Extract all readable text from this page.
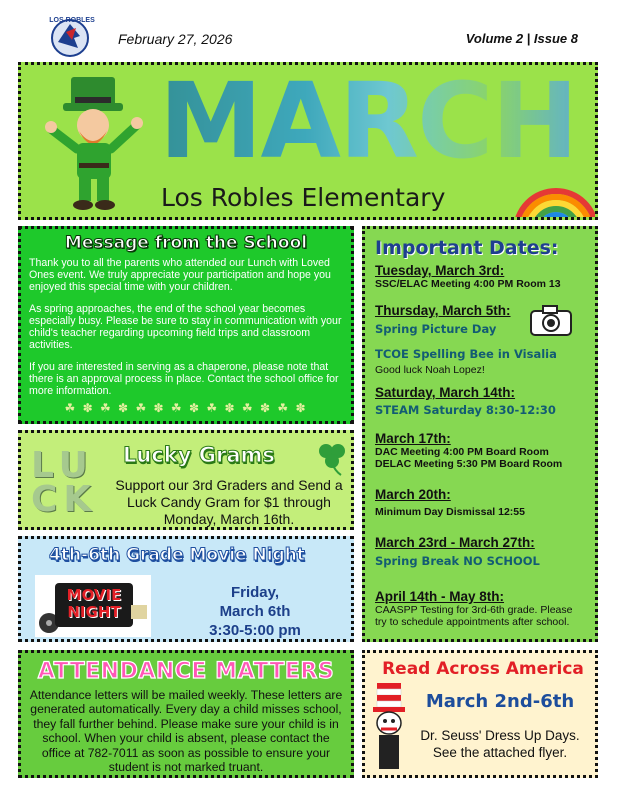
LOS ROBLES
February 27, 2026	Volume 2 | Issue 8
MARCH
Los Robles Elementary
Message from the School

Thank you to all the parents who attended our Lunch with Loved Ones event. We truly appreciate your participation and hope you enjoyed this special time with your children.

As spring approaches, the end of the school year becomes especially busy. Please be sure to stay in communication with your child's teacher regarding upcoming field trips and classroom activities.

If you are interested in serving as a chaperone, please note that there is an approval process in place. Contact the school office for more information.

☘ ✽ ☘ ✽ ☘ ✽ ☘ ✽ ☘ ✽ ☘ ✽ ☘ ✽
LU CK
Lucky Grams
Support our 3rd Graders and Send a Luck Candy Gram for $1 through Monday, March 16th.
4th-6th Grade Movie Night
MOVIE
NIGHT
Friday,
March 6th
3:30-5:00 pm
ATTENDANCE MATTERS

Attendance letters will be mailed weekly. These letters are generated automatically. Every day a child misses school, they fall further behind. Please make sure your child is in school. When your child is absent, please contact the office at 782-7011 as soon as possible to ensure your student is not marked truant.

Important Dates:
Tuesday, March 3rd:
SSC/ELAC Meeting 4:00 PM Room 13
Thursday, March 5th:
Spring Picture Day
TCOE Spelling Bee in Visalia
Good luck Noah Lopez!
Saturday, March 14th:
STEAM Saturday 8:30-12:30
March 17th:
DAC Meeting 4:00 PM Board Room
DELAC Meeting 5:30 PM Board Room
March 20th:
Minimum Day Dismissal 12:55
March 23rd - March 27th:
Spring Break NO SCHOOL
April 14th - May 8th:
CAASPP Testing for 3rd-6th grade. Please try to schedule appointments after school.
Read Across America
March 2nd-6th
Dr. Seuss' Dress Up Days. See the attached flyer.
